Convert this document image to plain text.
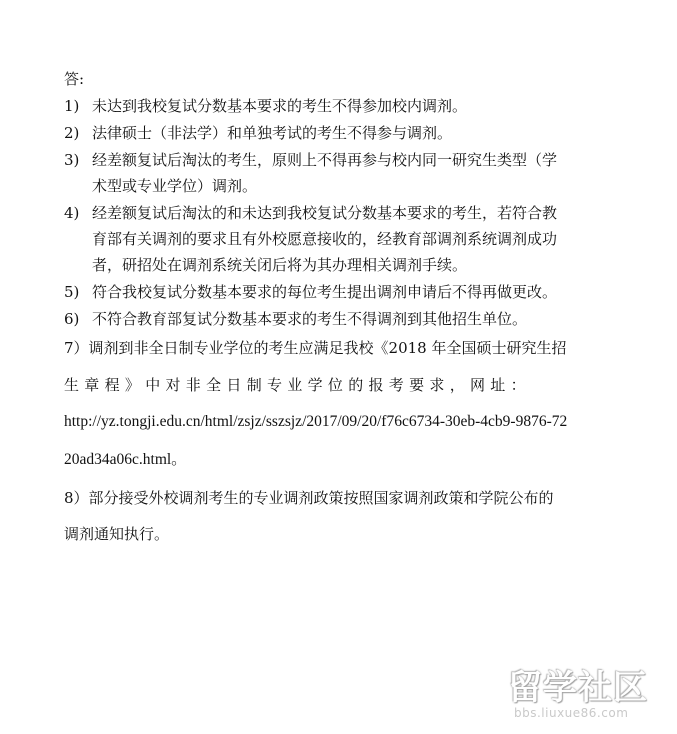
答:
1) 未达到我校复试分数基本要求的考生不得参加校内调剂。
2) 法律硕士（非法学）和单独考试的考生不得参与调剂。
3) 经差额复试后淘汰的考生，原则上不得再参与校内同一研究生类型（学
术型或专业学位）调剂。
4) 经差额复试后淘汰的和未达到我校复试分数基本要求的考生，若符合教
育部有关调剂的要求且有外校愿意接收的，经教育部调剂系统调剂成功
者，研招处在调剂系统关闭后将为其办理相关调剂手续。
5) 符合我校复试分数基本要求的每位考生提出调剂申请后不得再做更改。
6) 不符合教育部复试分数基本要求的考生不得调剂到其他招生单位。
7）调剂到非全日制专业学位的考生应满足我校《2018 年全国硕士研究生招
生章程》中对非全日制专业学位的报考要求，网址：
http://yz.tongji.edu.cn/html/zsjz/sszsjz/2017/09/20/f76c6734-30eb-4cb9-9876-72
20ad34a06c.html。
8）部分接受外校调剂考生的专业调剂政策按照国家调剂政策和学院公布的
调剂通知执行。
留学社区
bbs.liuxue86.com
